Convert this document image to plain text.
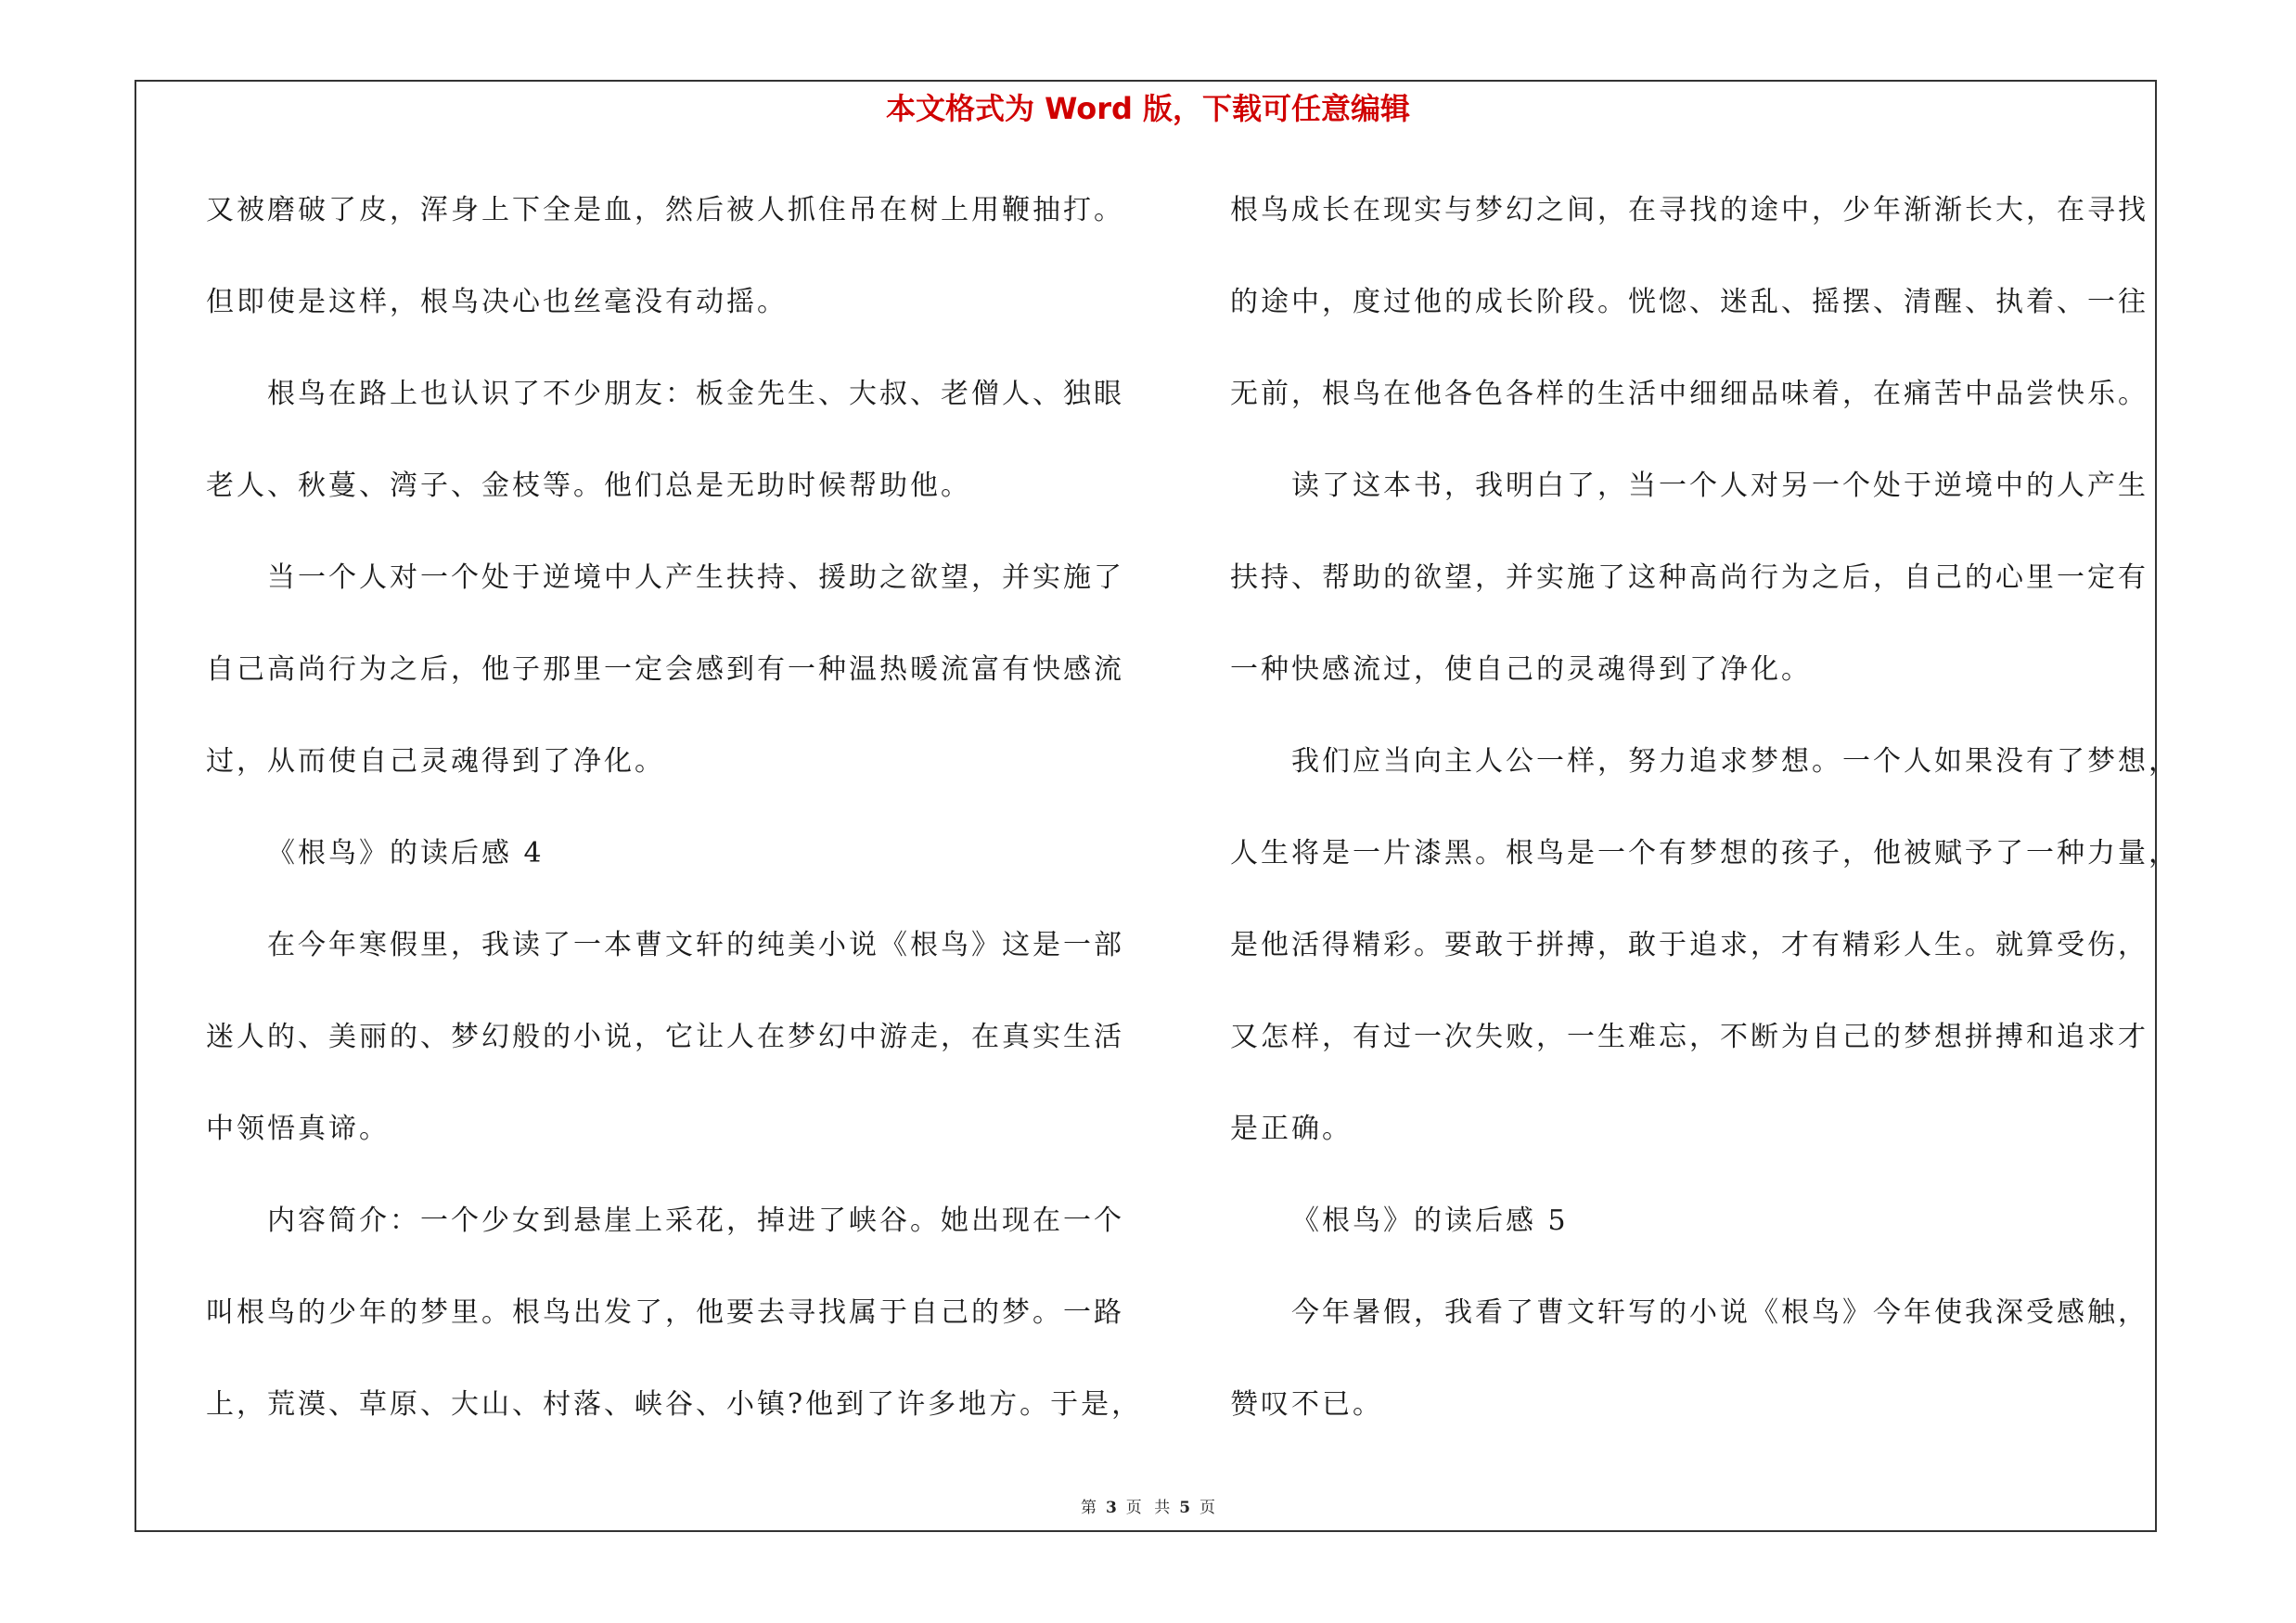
本文格式为 Word 版，下载可任意编辑
又被磨破了皮，浑身上下全是血，然后被人抓住吊在树上用鞭抽打。
但即使是这样，根鸟决心也丝毫没有动摇。
根鸟在路上也认识了不少朋友：板金先生、大叔、老僧人、独眼
老人、秋蔓、湾子、金枝等。他们总是无助时候帮助他。
当一个人对一个处于逆境中人产生扶持、援助之欲望，并实施了
自己高尚行为之后，他子那里一定会感到有一种温热暖流富有快感流
过，从而使自己灵魂得到了净化。
《根鸟》的读后感 4
在今年寒假里，我读了一本曹文轩的纯美小说《根鸟》这是一部
迷人的、美丽的、梦幻般的小说，它让人在梦幻中游走，在真实生活
中领悟真谛。
内容简介：一个少女到悬崖上采花，掉进了峡谷。她出现在一个
叫根鸟的少年的梦里。根鸟出发了，他要去寻找属于自己的梦。一路
上，荒漠、草原、大山、村落、峡谷、小镇?他到了许多地方。于是，
根鸟成长在现实与梦幻之间，在寻找的途中，少年渐渐长大，在寻找
的途中，度过他的成长阶段。恍惚、迷乱、摇摆、清醒、执着、一往
无前，根鸟在他各色各样的生活中细细品味着，在痛苦中品尝快乐。
读了这本书，我明白了，当一个人对另一个处于逆境中的人产生
扶持、帮助的欲望，并实施了这种高尚行为之后，自己的心里一定有
一种快感流过，使自己的灵魂得到了净化。
我们应当向主人公一样，努力追求梦想。一个人如果没有了梦想，
人生将是一片漆黑。根鸟是一个有梦想的孩子，他被赋予了一种力量，
是他活得精彩。要敢于拼搏，敢于追求，才有精彩人生。就算受伤，
又怎样，有过一次失败，一生难忘，不断为自己的梦想拼搏和追求才
是正确。
《根鸟》的读后感 5
今年暑假，我看了曹文轩写的小说《根鸟》今年使我深受感触，
赞叹不已。
第 3 页 共 5 页
